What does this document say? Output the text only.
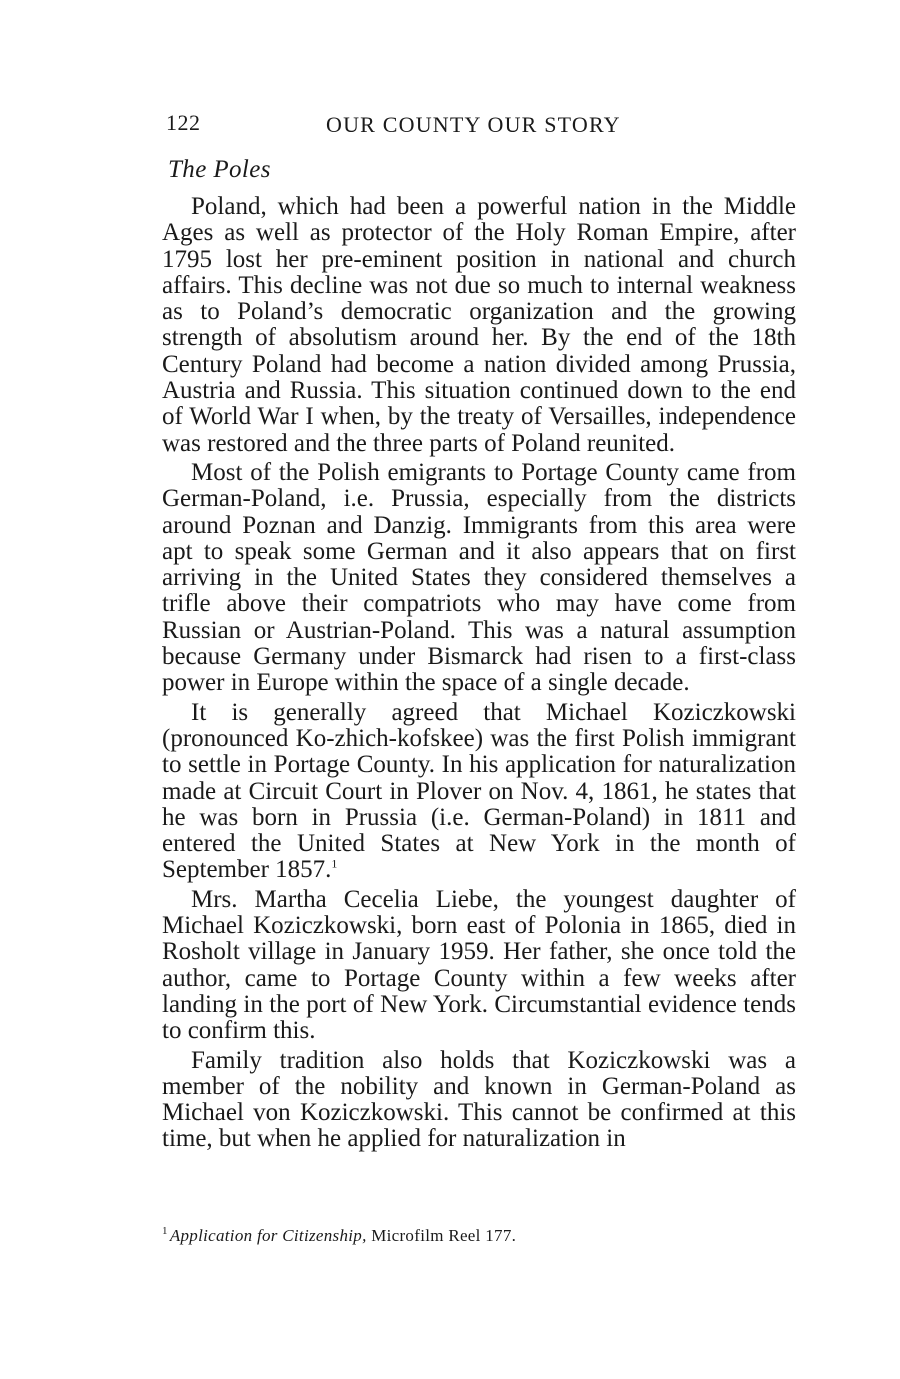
122	OUR COUNTY OUR STORY
The Poles

Poland, which had been a powerful nation in the Middle Ages as well as protector of the Holy Roman Empire, after 1795 lost her pre-eminent position in national and church affairs. This decline was not due so much to internal weakness as to Poland’s democratic organization and the growing strength of absolutism around her. By the end of the 18th Century Poland had become a nation divided among Prussia, Austria and Russia. This situation continued down to the end of World War I when, by the treaty of Versailles, independence was restored and the three parts of Poland reunited.

Most of the Polish emigrants to Portage County came from German-Poland, i.e. Prussia, especially from the districts around Poznan and Danzig. Immigrants from this area were apt to speak some German and it also appears that on first arriving in the United States they considered themselves a trifle above their compatriots who may have come from Russian or Austrian-Poland. This was a natural assumption because Germany under Bismarck had risen to a first-class power in Europe within the space of a single decade.

It is generally agreed that Michael Koziczkowski (pronounced Ko-zhich-kofskee) was the first Polish immigrant to settle in Portage County. In his application for naturalization made at Circuit Court in Plover on Nov. 4, 1861, he states that he was born in Prussia (i.e. German-Poland) in 1811 and entered the United States at New York in the month of September 1857.$^1$

Mrs. Martha Cecelia Liebe, the youngest daughter of Michael Koziczkowski, born east of Polonia in 1865, died in Rosholt village in January 1959. Her father, she once told the author, came to Portage County within a few weeks after landing in the port of New York. Circumstantial evidence tends to confirm this.

Family tradition also holds that Koziczkowski was a member of the nobility and known in German-Poland as Michael von Koziczkowski. This cannot be confirmed at this time, but when he applied for naturalization in

$^1$ Application for Citizenship, Microfilm Reel 177.
